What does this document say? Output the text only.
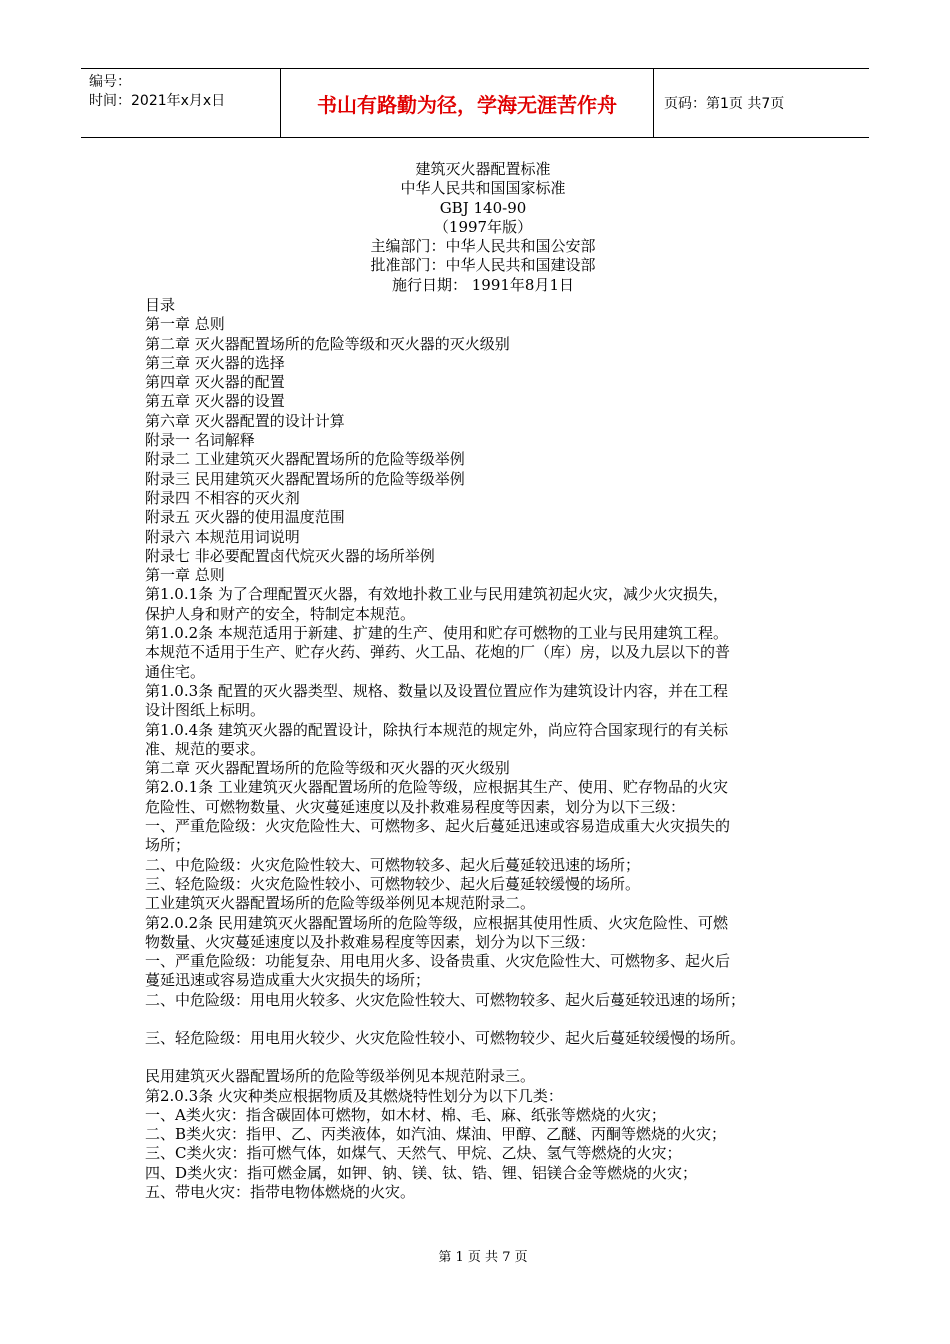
编号：
时间：2021年x月x日	书山有路勤为径，学海无涯苦作舟	页码：第1页 共7页
建筑灭火器配置标准
中华人民共和国国家标准
GBJ 140-90
（1997年版）
主编部门：中华人民共和国公安部
批准部门：中华人民共和国建设部
施行日期： 1991年8月1日
目录
第一章 总则
第二章 灭火器配置场所的危险等级和灭火器的灭火级别
第三章 灭火器的选择
第四章 灭火器的配置
第五章 灭火器的设置
第六章 灭火器配置的设计计算
附录一 名词解释
附录二 工业建筑灭火器配置场所的危险等级举例
附录三 民用建筑灭火器配置场所的危险等级举例
附录四 不相容的灭火剂
附录五 灭火器的使用温度范围
附录六 本规范用词说明
附录七 非必要配置卤代烷灭火器的场所举例
第一章 总则
第1.0.1条 为了合理配置灭火器，有效地扑救工业与民用建筑初起火灾，减少火灾损失，
保护人身和财产的安全，特制定本规范。
第1.0.2条 本规范适用于新建、扩建的生产、使用和贮存可燃物的工业与民用建筑工程。
本规范不适用于生产、贮存火药、弹药、火工品、花炮的厂（库）房，以及九层以下的普
通住宅。
第1.0.3条 配置的灭火器类型、规格、数量以及设置位置应作为建筑设计内容，并在工程
设计图纸上标明。
第1.0.4条 建筑灭火器的配置设计，除执行本规范的规定外，尚应符合国家现行的有关标
准、规范的要求。
第二章 灭火器配置场所的危险等级和灭火器的灭火级别
第2.0.1条 工业建筑灭火器配置场所的危险等级，应根据其生产、使用、贮存物品的火灾
危险性、可燃物数量、火灾蔓延速度以及扑救难易程度等因素，划分为以下三级：
一、严重危险级：火灾危险性大、可燃物多、起火后蔓延迅速或容易造成重大火灾损失的
场所；
二、中危险级：火灾危险性较大、可燃物较多、起火后蔓延较迅速的场所；
三、轻危险级：火灾危险性较小、可燃物较少、起火后蔓延较缓慢的场所。
工业建筑灭火器配置场所的危险等级举例见本规范附录二。
第2.0.2条 民用建筑灭火器配置场所的危险等级，应根据其使用性质、火灾危险性、可燃
物数量、火灾蔓延速度以及扑救难易程度等因素，划分为以下三级：
一、严重危险级：功能复杂、用电用火多、设备贵重、火灾危险性大、可燃物多、起火后
蔓延迅速或容易造成重大火灾损失的场所；
二、中危险级：用电用火较多、火灾危险性较大、可燃物较多、起火后蔓延较迅速的场所；
三、轻危险级：用电用火较少、火灾危险性较小、可燃物较少、起火后蔓延较缓慢的场所。
民用建筑灭火器配置场所的危险等级举例见本规范附录三。
第2.0.3条 火灾种类应根据物质及其燃烧特性划分为以下几类：
一、A类火灾：指含碳固体可燃物，如木材、棉、毛、麻、纸张等燃烧的火灾；
二、B类火灾：指甲、乙、丙类液体，如汽油、煤油、甲醇、乙醚、丙酮等燃烧的火灾；
三、C类火灾：指可燃气体，如煤气、天然气、甲烷、乙炔、氢气等燃烧的火灾；
四、D类火灾：指可燃金属，如钾、钠、镁、钛、锆、锂、铝镁合金等燃烧的火灾；
五、带电火灾：指带电物体燃烧的火灾。
第 1 页 共 7 页
